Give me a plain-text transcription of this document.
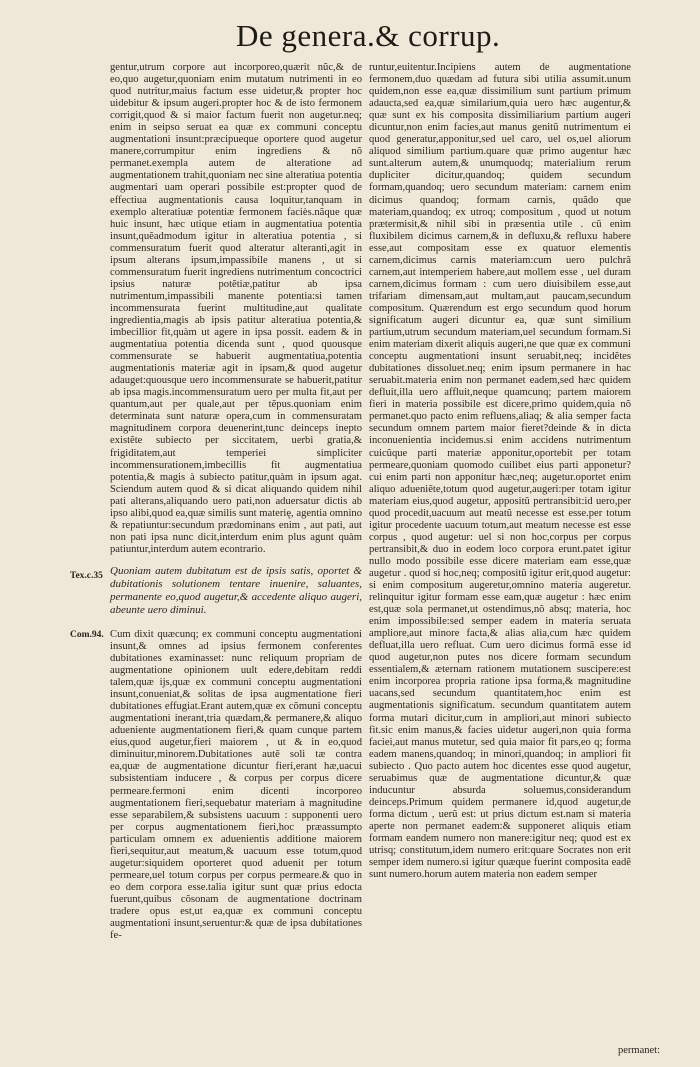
De genera.& corrup.

gentur,utrum corpore aut incorporeo,quærit nũc,& de eo,quo augetur,quoniam enim mutatum nutrimenti in eo quod nutritur,maius factum esse uidetur,& propter hoc uidebitur & ipsum augeri.propter hoc & de isto fermonem corrigit,quod & si maior factum fuerit non augetur.neq; enim in seipso seruat ea quæ ex communi conceptu augmentationi insunt:præcipueque oportere quod augetur manere,corrumpitur enim ingrediens & nõ permanet.exempla autem de alteratione ad augmentationem trahit,quoniam nec sine alteratiua potentia augmentari uam operari possibile est:propter quod de effectiua augmentationis causa loquitur,tanquam in exemplo alteratiuæ potentiæ fermonem faciès.nãque quæ huic insunt, hæc utique etiam in augmentatiua potentia insunt,quẽadmodum igitur in alteratiua potentia , si commensuratum fuerit quod alteratur alteranti,agit in ipsum alterans ipsum,impassibile manens , ut si commensuratum fuerit ingrediens nutrimentum concoctrici ipsius naturæ potẽtiæ,patitur ab ipsa nutrimentum,impassibili manente potentia:si tamen incommensurata fuerint multitudine,aut qualitate ingredientia,magis ab ipsis patitur alteratiua potentia,& imbecillior fit,quàm ut agere in ipsa possit. eadem & in augmentatiua potentia dicenda sunt , quod quousque commensurate se habuerit augmentatiua,potentia augmentationis materiæ agit in ipsam,& quod augetur adauget:quousque uero incommensurate se habuerit,patitur ab ipsa magis.incommensuratum uero per multa fit,aut per quantum,aut per quale,aut per tẽpus.quoniam enim determinata sunt naturæ opera,cum in commensuratam magnitudinem corpora deuenerint,tunc deinceps inepto existẽte subiecto per siccitatem, uerbi gratia,& frigiditatem,aut temperiei simpliciter incommensurationem,imbecillis fit augmentatiua potentia,& magis à subiecto patitur,quàm in ipsum agat. Sciendum autem quod & si dicat aliquando quidem nihil pati alterans,aliquando uero pati,non aduersatur dictis ab ipso alibi,quod ea,quæ similis sunt materię, agentia omnino & repatiuntur:secundum prædominans enim , aut pati, aut non pati ipsa nunc dicit,interdum enim plus agunt quàm patiuntur,interdum autem econtrario.

Quoniam autem dubitatum est de ipsis satis, oportet & dubitationis solutionem tentare inuenire, saluantes, permanente eo,quod augetur,& accedente aliquo augeri, abeunte uero diminui.

Cum dixit quæcunq; ex communi conceptu augmentationi insunt,& omnes ad ipsius fermonem conferentes dubitationes examinasset: nunc reliquum propriam de augmentatione opinionem uult edere,debitam reddi talem,quæ ijs,quæ ex communi conceptu augmentationi insunt,conueniat,& solitas de ipsa augmentatione fieri dubitationes effugiat.Erant autem,quæ ex cõmuni conceptu augmentationi inerant,tria quædam,& permanere,& aliquo adueniente augmentationem fieri,& quam cunque partem eius,quod augetur,fieri maiorem , ut & in eo,quod diminuitur,minorem.Dubitationes autẽ soli tæ contra ea,quæ de augmentatione dicuntur fieri,erant hæ,uacui subsistentiam inducere , & corpus per corpus dicere permeare.fermoni enim dicenti incorporeo augmentationem fieri,sequebatur materiam à magnitudine esse separabilem,& subsistens uacuum : supponenti uero per corpus augmentationem fieri,hoc præassumpto particulam omnem ex aduenientis additione maiorem fieri,sequitur,aut meatum,& uacuum esse totum,quod augetur:siquidem oporteret quod aduenit per totum permeare,uel totum corpus per corpus permeare.& quo in eo dem corpora esse.talia igitur sunt quæ prius edocta fuerunt,quibus cõsonam de augmentatione doctrinam tradere opus est,ut ea,quæ ex communi conceptu augmentationi insunt,seruentur:& quæ de ipsa dubitationes fe-

Tex.c.35
Com.94.

runtur,euitentur.Incipiens autem de augmentatione fermonem,duo quædam ad futura sibi utilia assumit.unum quidem,non esse ea,quæ dissimilium sunt partium primum adaucta,sed ea,quæ similarium,quia uero hæc augentur,& quæ sunt ex his composita dissimiliarium partium augeri dicuntur,non enim facies,aut manus genitũ nutrimentum ei quod generatur,apponitur,sed uel caro, uel os,uel aliorum aliquod similium partium.quare quæ primo augentur hæc sunt.alterum autem,& unumquodq; materialium rerum dupliciter dicitur,quandoq; quidem secundum formam,quandoq; uero secundum materiam: carnem enim dicimus quandoq; formam carnis, quãdo que materiam,quandoq; ex utroq; compositum , quod ut notum prætermisit,& nihil sibi in præsentia utile . cũ enim fluxibilem dicimus carnem,& in defluxu,& refluxu habere esse,aut compositam esse ex quatuor elementis carnem,dicimus carnis materiam:cum uero pulchrã carnem,aut intemperiem habere,aut mollem esse , uel duram carnem,dicimus formam : cum uero diuisibilem esse,aut trifariam dimensam,aut multam,aut paucam,secundum compositum. Quærendum est ergo secundum quod horum significatum augeri dicuntur ea, quæ sunt similium partium,utrum secundum materiam,uel secundum formam.Si enim materiam dixerit aliquis augeri,ne que quæ ex communi conceptu augmentationi insunt seruabit,neq; incidẽtes dubitationes dissoluet.neq; enim ipsum permanere in hac seruabit.materia enim non permanet eadem,sed hæc quidem defluit,illa uero affluit,neque quamcunq; partem maiorem fieri in materia possibile est dicere,primo quidem,quia nõ permanet.quo pacto enim refluens,aliaq; & alia semper facta secundum omnem partem maior fieret?deinde & in dicta inconuenientia incidemus.si enim accidens nutrimentum cuicũque parti materiæ apponitur,oportebit per totam permeare,quoniam quomodo cuilibet eius parti apponetur? cui enim parti non apponitur hæc,neq; augetur.oportet enim aliquo adueniẽte,totum quod augetur,augeri:per totam igitur materiam eius,quod augetur, appositũ pertransibit:id uero,per quod procedit,uacuum aut meatũ necesse est esse.per totum igitur procedente uacuum totum,aut meatum necesse est esse corpus , quod augetur: uel si non hoc,corpus per corpus pertransibit,& duo in eodem loco corpora erunt.patet igitur nullo modo possibile esse dicere materiam eam esse,quæ augetur . quod si hoc,neq; compositũ igitur erit,quod augetur: si enim compositum augeretur,omnino materia augeretur. relinquitur igitur formam esse eam,quæ augetur : hæc enim est,quæ sola permanet,ut ostendimus,nõ absq; materia, hoc enim impossibile:sed semper eadem in materia seruata ampliore,aut minore facta,& alias alia,cum hæc quidem defluat,illa uero refluat. Cum uero dicimus formã esse id quod augetur,non putes nos dicere formam secundum essentialem,& æternam rationem mutationem suscipere:est enim incorporea propria ratione ipsa forma,& magnitudine uacans,sed secundum quantitatem,hoc enim est augmentationis significatum. secundum quantitatem autem forma mutari dicitur,cum in ampliori,aut minori subiecto fit.sic enim manus,& facies uidetur augeri,non quia forma faciei,aut manus mutetur, sed quia maior fit pars,eo q; forma eadem manens,quandoq; in minori,quandoq; in ampliori fit subiecto . Quo pacto autem hoc dicentes esse quod augetur, seruabimus quæ de augmentatione dicuntur,& quæ inducuntur absurda soluemus,considerandum deinceps.Primum quidem permanere id,quod augetur,de forma dictum , uerũ est: ut prius dictum est.nam si materia aperte non permanet eadem:& supponeret aliquis etiam formam eandem numero non manere:igitur neq; quod est ex utrisq; constitutum,idem numero erit:quare Socrates non erit semper idem numero.si igitur quæque fuerint composita eadẽ sunt numero.horum autem materia non eadem semper

permanet:
